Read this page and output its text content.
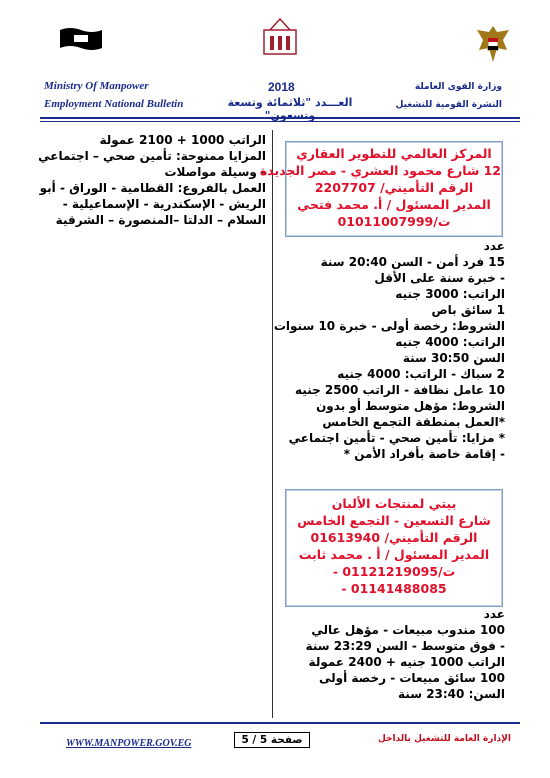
Ministry Of Manpower
Employment National Bulletin
2018
العـــدد "ثلاثمائة وتسعة وتسعون"
وزارة القوى العاملة
النشرة القومية للتشغيل
الراتب 1000 + 2100 عمولة
المزايا ممنوحة: تأمين صحي – اجتماعي
- وسيلة مواصلات
العمل بالفروع: القطامية - الوراق - أبو
الريش - الإسكندرية - الإسماعيلية -
السلام – الدلتا –المنصورة – الشرقية
المركز العالمي للتطوير العقاري
12 شارع محمود العشري - مصر الجديدة
الرقم التأميني/ 2207707
المدير المسئول / أ. محمد فتحي
ت/01011007999
عدد
15 فرد أمن - السن 20:40 سنة
- خبرة سنة على الأقل
الراتب: 3000 جنيه
1 سائق باص
الشروط: رخصة أولى - خبرة 10 سنوات
الراتب: 4000 جنيه
السن 30:50 سنة
2 سباك - الراتب: 4000 جنيه
10 عامل نظافة - الراتب 2500 جنيه
الشروط: مؤهل متوسط أو بدون
*العمل بمنطقة التجمع الخامس
* مزايا: تأمين صحي - تأمين اجتماعي
- إقامة خاصة بأفراد الأمن *
بيتي لمنتجات الألبان
شارع التسعين - التجمع الخامس
الرقم التأميني/ 01613940
المدير المسئول / أ . محمد ثابت
ت/01121219095 -
01141488085 -
عدد
100 مندوب مبيعات - مؤهل عالي
- فوق متوسط - السن 23:29 سنة
الراتب 1000 جنيه + 2400 عمولة
100 سائق مبيعات - رخصة أولى
السن: 23:40 سنة
WWW.MANPOWER.GOV.EG	صفحة 5 / 5	الإدارة العامة للتشغيل بالداخل
